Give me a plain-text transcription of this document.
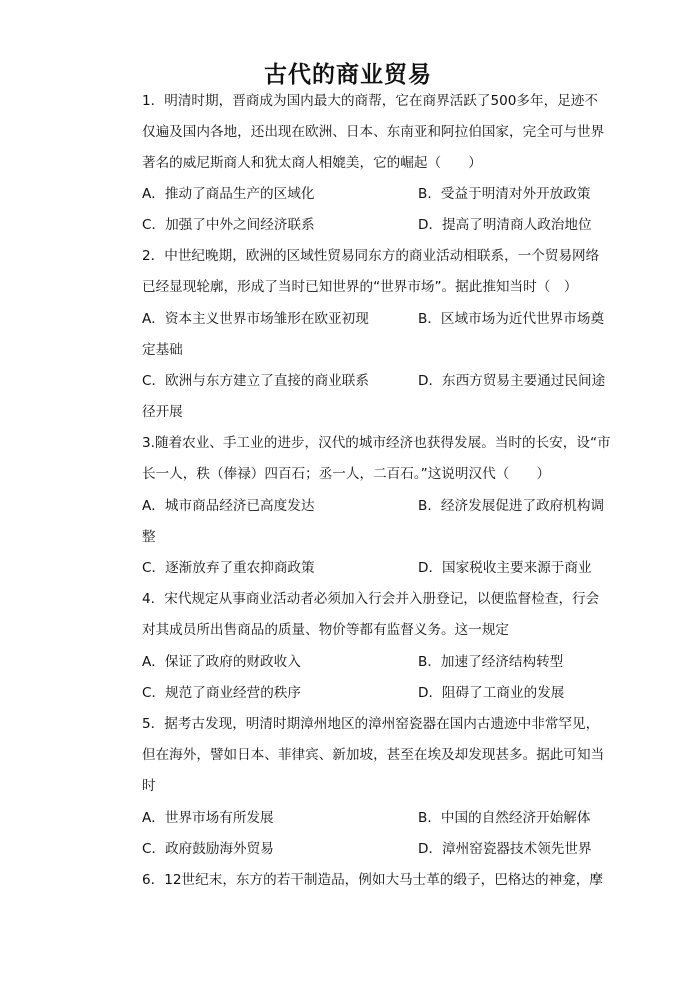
古代的商业贸易
1．明清时期，晋商成为国内最大的商帮，它在商界活跃了500多年，足迹不
仅遍及国内各地，还出现在欧洲、日本、东南亚和阿拉伯国家，完全可与世界
著名的威尼斯商人和犹太商人相媲美，它的崛起（　　）
A．推动了商品生产的区域化	B．受益于明清对外开放政策
C．加强了中外之间经济联系	D．提高了明清商人政治地位
2．中世纪晚期，欧洲的区域性贸易同东方的商业活动相联系，一个贸易网络
已经显现轮廓，形成了当时已知世界的“世界市场”。据此推知当时（　）
A．资本主义世界市场雏形在欧亚初现	B．区域市场为近代世界市场奠
定基础
C．欧洲与东方建立了直接的商业联系	D．东西方贸易主要通过民间途
径开展
3.随着农业、手工业的进步，汉代的城市经济也获得发展。当时的长安，设“市
长一人，秩（俸禄）四百石；丞一人，二百石。”这说明汉代（　　）
A．城市商品经济已高度发达	B．经济发展促进了政府机构调
整
C．逐渐放弃了重农抑商政策	D．国家税收主要来源于商业
4．宋代规定从事商业活动者必须加入行会并入册登记，以便监督检查，行会
对其成员所出售商品的质量、物价等都有监督义务。这一规定
A．保证了政府的财政收入	B．加速了经济结构转型
C．规范了商业经营的秩序	D．阻碍了工商业的发展
5．据考古发现，明清时期漳州地区的漳州窑瓷器在国内古遗迹中非常罕见，
但在海外，譬如日本、菲律宾、新加坡，甚至在埃及却发现甚多。据此可知当
时
A．世界市场有所发展	B．中国的自然经济开始解体
C．政府鼓励海外贸易	D．漳州窑瓷器技术领先世界
6．12世纪末，东方的若干制造品，例如大马士革的缎子，巴格达的神龛，摩
